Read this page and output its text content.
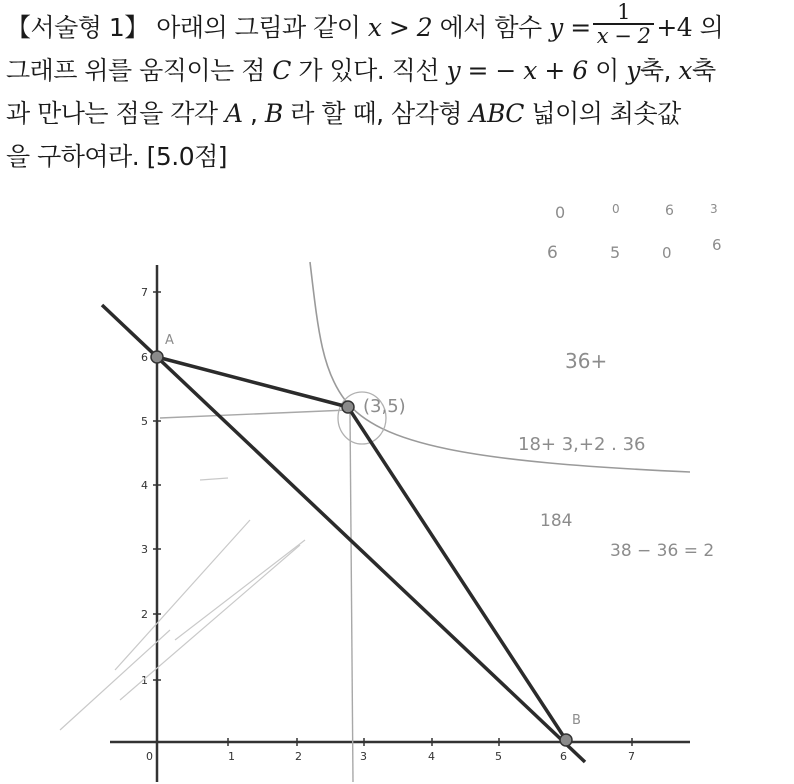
【서술형 1】 아래의 그림과 같이 x > 2 에서 함수 $y = \frac{1}{x - 2} +4$ 의
그래프 위를 움직이는 점 C 가 있다. 직선 y = − x + 6 이 y축, x축
과 만나는 점을 각각 A , B 라 할 때, 삼각형 ABC 넓이의 최솟값
을 구하여라. [5.0점]
0	1	2	3	4	5	6	7
1
2
3
4
5
6
7
A
B
(3,5)
0	0	6	3
6	5	0	6
36+
18+ 3,+2 . 36
184
38 − 36 = 2
